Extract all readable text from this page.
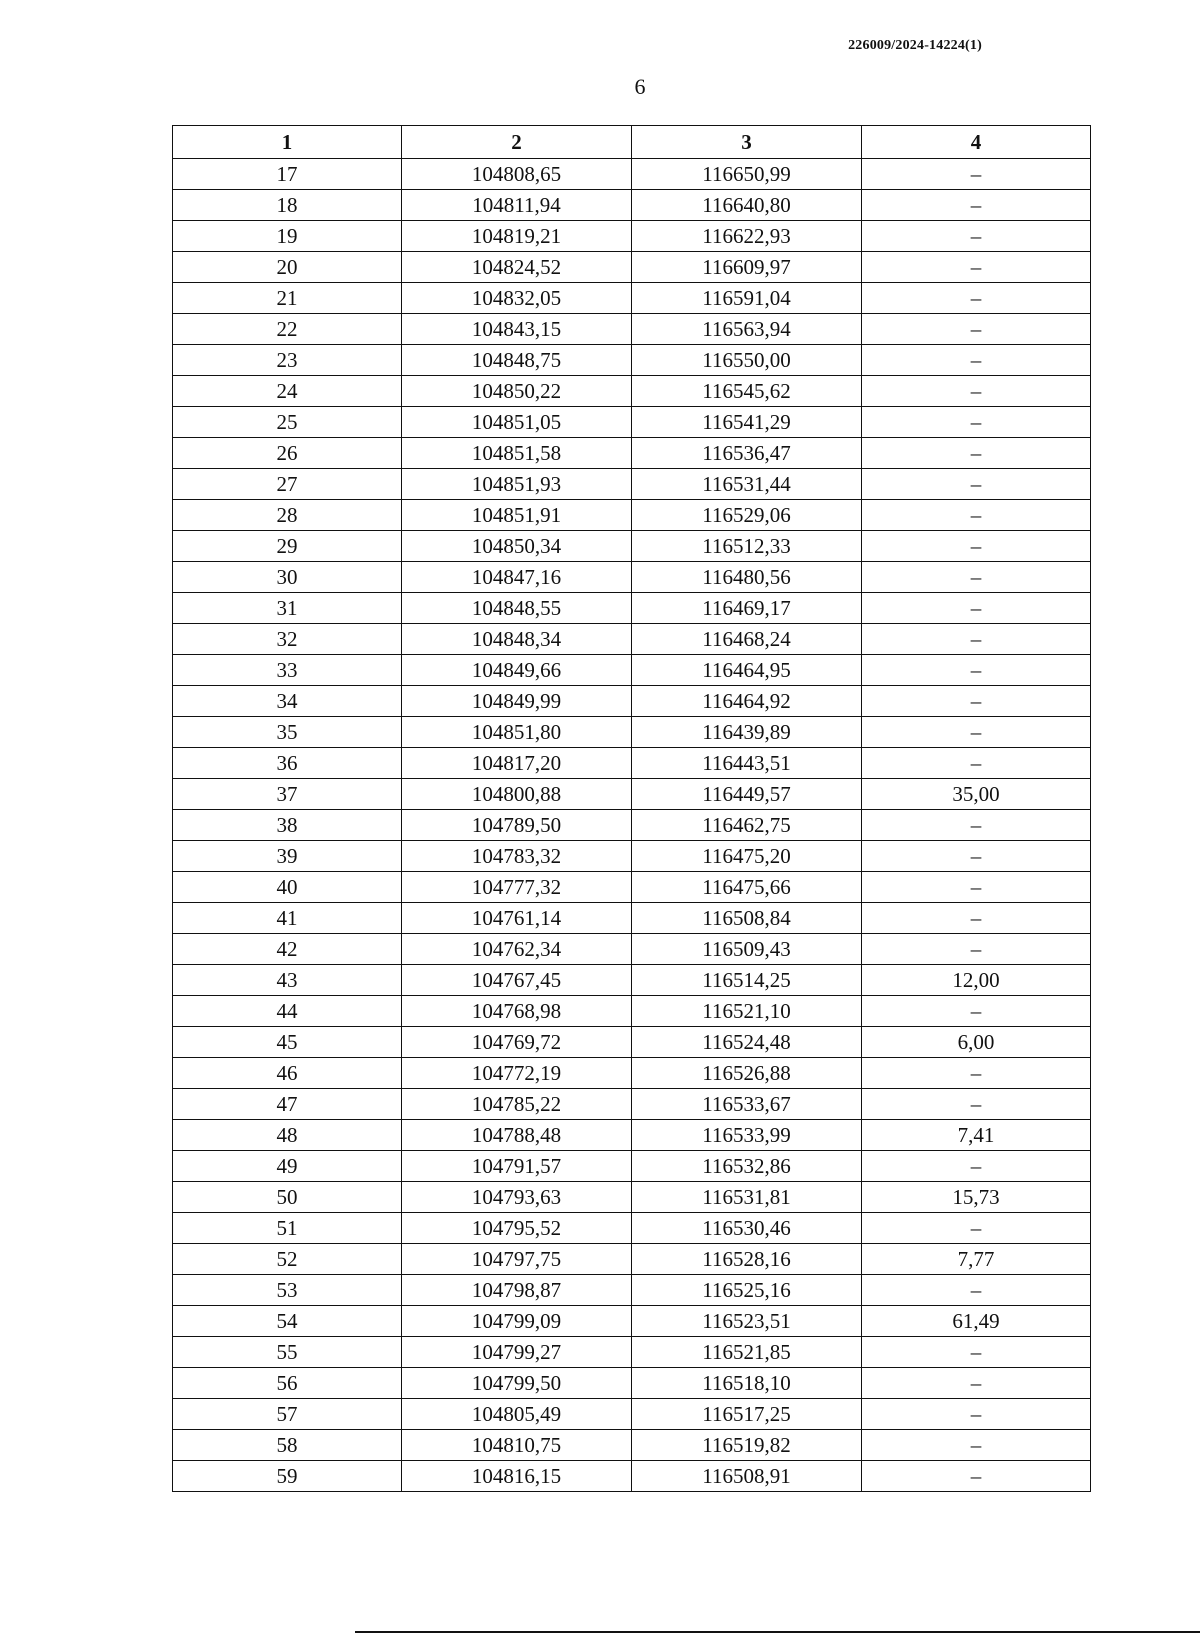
226009/2024-14224(1)
6
1	2	3	4
17	104808,65	116650,99	–
18	104811,94	116640,80	–
19	104819,21	116622,93	–
20	104824,52	116609,97	–
21	104832,05	116591,04	–
22	104843,15	116563,94	–
23	104848,75	116550,00	–
24	104850,22	116545,62	–
25	104851,05	116541,29	–
26	104851,58	116536,47	–
27	104851,93	116531,44	–
28	104851,91	116529,06	–
29	104850,34	116512,33	–
30	104847,16	116480,56	–
31	104848,55	116469,17	–
32	104848,34	116468,24	–
33	104849,66	116464,95	–
34	104849,99	116464,92	–
35	104851,80	116439,89	–
36	104817,20	116443,51	–
37	104800,88	116449,57	35,00
38	104789,50	116462,75	–
39	104783,32	116475,20	–
40	104777,32	116475,66	–
41	104761,14	116508,84	–
42	104762,34	116509,43	–
43	104767,45	116514,25	12,00
44	104768,98	116521,10	–
45	104769,72	116524,48	6,00
46	104772,19	116526,88	–
47	104785,22	116533,67	–
48	104788,48	116533,99	7,41
49	104791,57	116532,86	–
50	104793,63	116531,81	15,73
51	104795,52	116530,46	–
52	104797,75	116528,16	7,77
53	104798,87	116525,16	–
54	104799,09	116523,51	61,49
55	104799,27	116521,85	–
56	104799,50	116518,10	–
57	104805,49	116517,25	–
58	104810,75	116519,82	–
59	104816,15	116508,91	–
